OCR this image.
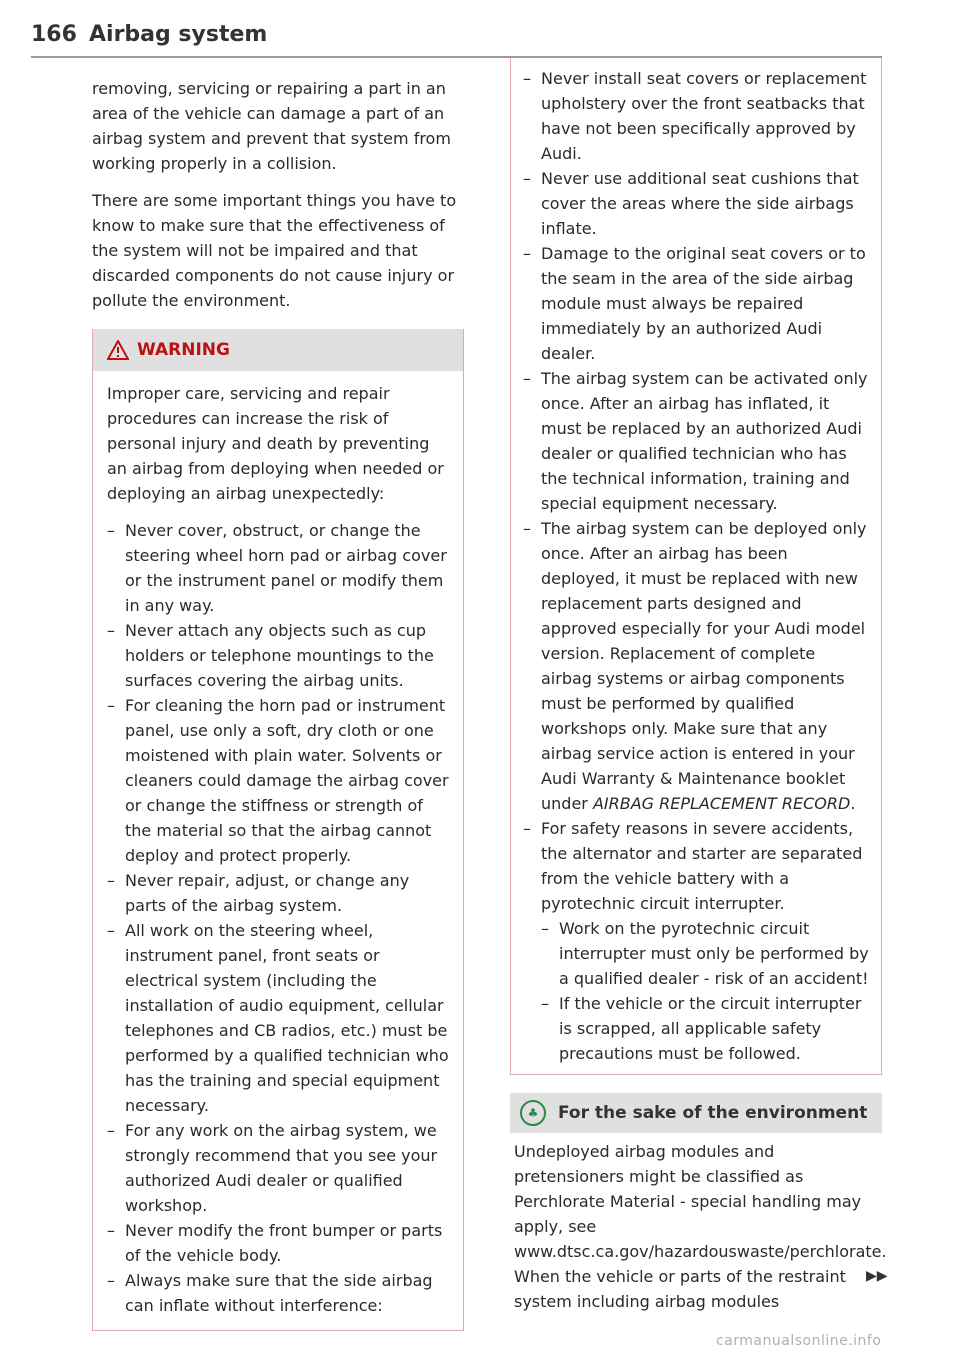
166 Airbag system

removing, servicing or repairing a part in an area of the vehicle can damage a part of an airbag system and prevent that system from working properly in a collision.

There are some important things you have to know to make sure that the effectiveness of the system will not be impaired and that discarded components do not cause injury or pollute the environment.

WARNING

Improper care, servicing and repair procedures can increase the risk of personal injury and death by preventing an airbag from deploying when needed or deploying an airbag unexpectedly:

– Never cover, obstruct, or change the steering wheel horn pad or airbag cover or the instrument panel or modify them in any way.
– Never attach any objects such as cup holders or telephone mountings to the surfaces covering the airbag units.
– For cleaning the horn pad or instrument panel, use only a soft, dry cloth or one moistened with plain water. Solvents or cleaners could damage the airbag cover or change the stiffness or strength of the material so that the airbag cannot deploy and protect properly.
– Never repair, adjust, or change any parts of the airbag system.
– All work on the steering wheel, instrument panel, front seats or electrical system (including the installation of audio equipment, cellular telephones and CB radios, etc.) must be performed by a qualified technician who has the training and special equipment necessary.
– For any work on the airbag system, we strongly recommend that you see your authorized Audi dealer or qualified workshop.
– Never modify the front bumper or parts of the vehicle body.
– Always make sure that the side airbag can inflate without interference:
– – Never install seat covers or replacement upholstery over the front seatbacks that have not been specifically approved by Audi.
– Never use additional seat cushions that cover the areas where the side airbags inflate.
– Damage to the original seat covers or to the seam in the area of the side airbag module must always be repaired immediately by an authorized Audi dealer.
– The airbag system can be activated only once. After an airbag has inflated, it must be replaced by an authorized Audi dealer or qualified technician who has the technical information, training and special equipment necessary.
– The airbag system can be deployed only once. After an airbag has been deployed, it must be replaced with new replacement parts designed and approved especially for your Audi model version. Replacement of complete airbag systems or airbag components must be performed by qualified workshops only. Make sure that any airbag service action is entered in your Audi Warranty & Maintenance booklet under AIRBAG REPLACEMENT RECORD.
– For safety reasons in severe accidents, the alternator and starter are separated from the vehicle battery with a pyrotechnic circuit interrupter.
– Work on the pyrotechnic circuit interrupter must only be performed by a qualified dealer - risk of an accident!
– If the vehicle or the circuit interrupter is scrapped, all applicable safety precautions must be followed.
♣	For the sake of the environment

Undeployed airbag modules and pretensioners might be classified as Perchlorate Material - special handling may apply, see www.dtsc.ca.gov/hazardouswaste/perchlorate. When the vehicle or parts of the restraint system including airbag modules

▶▶
carmanualsonline.info
